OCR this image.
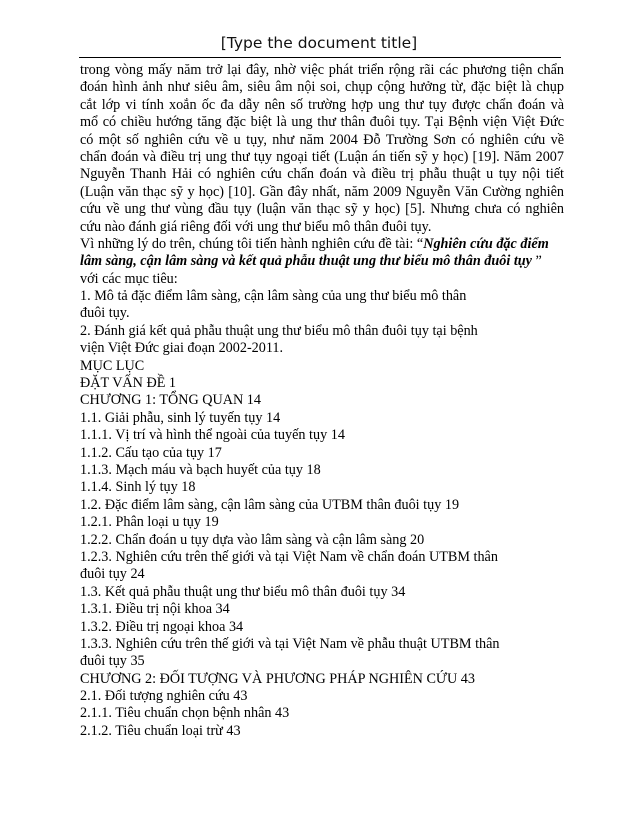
[Type the document title]
trong vòng mấy năm trở lại đây, nhờ việc phát triển rộng rãi các phương tiện chẩn
đoán hình ảnh như siêu âm, siêu âm nội soi, chụp cộng hưởng từ, đặc biệt là chụp
cắt lớp vi tính xoắn ốc đa dẫy nên số trường hợp ung thư tụy được chẩn đoán và
mổ có chiều hướng tăng đặc biệt là ung thư thân đuôi tụy. Tại Bệnh viện Việt Đức
có một số nghiên cứu về u tụy, như năm 2004 Đỗ Trường Sơn có nghiên cứu về
chẩn đoán và điều trị ung thư tụy ngoại tiết (Luận án tiến sỹ y học) [19]. Năm 2007
Nguyễn Thanh Hải có nghiên cứu chẩn đoán và điều trị phẫu thuật u tụy nội tiết
(Luận văn thạc sỹ y học) [10]. Gần đây nhất, năm 2009 Nguyễn Văn Cường nghiên
cứu về ung thư vùng đầu tụy (luận văn thạc sỹ y học) [5]. Nhưng chưa có nghiên
cứu nào đánh giá riêng đối với ung thư biểu mô thân đuôi tụy.
Vì những lý do trên, chúng tôi tiến hành nghiên cứu đề tài: “Nghiên cứu đặc điểm
lâm sàng, cận lâm sàng và kết quả phẫu thuật ung thư biểu mô thân đuôi tụy ”
với các mục tiêu:
1. Mô tả đặc điểm lâm sàng, cận lâm sàng của ung thư biểu mô thân
đuôi tụy.
2. Đánh giá kết quả phẫu thuật ung thư biểu mô thân đuôi tụy tại bệnh
viện Việt Đức giai đoạn 2002-2011.
MỤC LỤC
ĐẶT VẤN ĐỀ 1
CHƯƠNG 1: TỔNG QUAN 14
1.1. Giải phẫu, sinh lý tuyến tụy 14
1.1.1. Vị trí và hình thể ngoài của tuyến tụy 14
1.1.2. Cấu tạo của tụy 17
1.1.3. Mạch máu và bạch huyết của tụy 18
1.1.4. Sinh lý tụy 18
1.2. Đặc điểm lâm sàng, cận lâm sàng của UTBM thân đuôi tụy 19
1.2.1. Phân loại u tụy 19
1.2.2. Chẩn đoán u tụy dựa vào lâm sàng và cận lâm sàng 20
1.2.3. Nghiên cứu trên thế giới và tại Việt Nam về chẩn đoán UTBM thân
đuôi tụy 24
1.3. Kết quả phẫu thuật ung thư biểu mô thân đuôi tụy 34
1.3.1. Điều trị nội khoa 34
1.3.2. Điều trị ngoại khoa 34
1.3.3. Nghiên cứu trên thế giới và tại Việt Nam về phẫu thuật UTBM thân
đuôi tụy 35
CHƯƠNG 2: ĐỐI TƯỢNG VÀ PHƯƠNG PHÁP NGHIÊN CỨU 43
2.1. Đối tượng nghiên cứu 43
2.1.1. Tiêu chuẩn chọn bệnh nhân 43
2.1.2. Tiêu chuẩn loại trừ 43
